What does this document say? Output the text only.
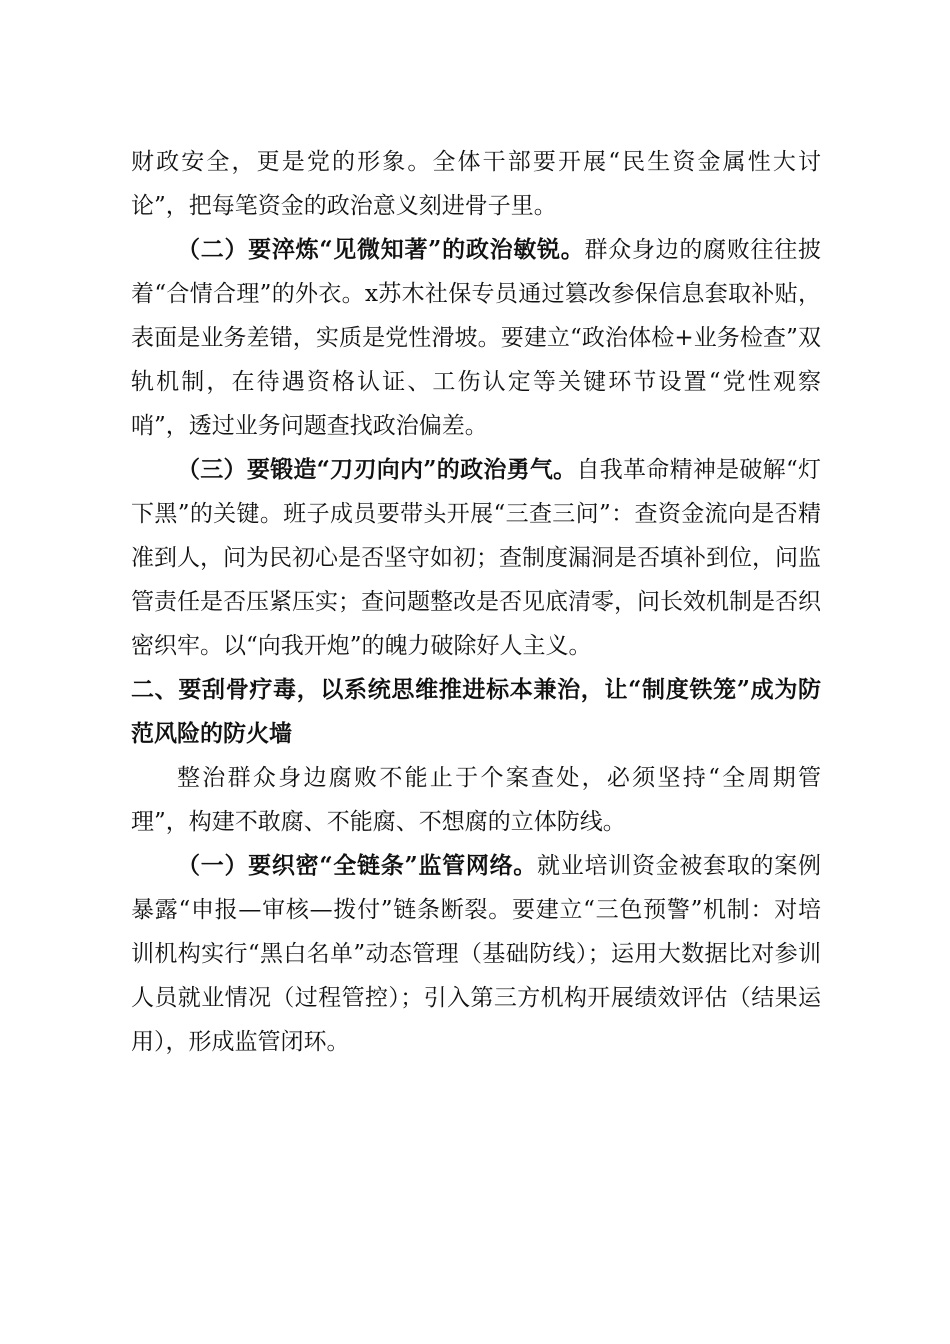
财政安全，更是党的形象。全体干部要开展“民生资金属性大讨论”，把每笔资金的政治意义刻进骨子里。

（二）要淬炼“见微知著”的政治敏锐。群众身边的腐败往往披着“合情合理”的外衣。x苏木社保专员通过篡改参保信息套取补贴，表面是业务差错，实质是党性滑坡。要建立“政治体检+业务检查”双轨机制，在待遇资格认证、工伤认定等关键环节设置“党性观察哨”，透过业务问题查找政治偏差。

（三）要锻造“刀刃向内”的政治勇气。自我革命精神是破解“灯下黑”的关键。班子成员要带头开展“三查三问”：查资金流向是否精准到人，问为民初心是否坚守如初；查制度漏洞是否填补到位，问监管责任是否压紧压实；查问题整改是否见底清零，问长效机制是否织密织牢。以“向我开炮”的魄力破除好人主义。

二、要刮骨疗毒，以系统思维推进标本兼治，让“制度铁笼”成为防范风险的防火墙

整治群众身边腐败不能止于个案查处，必须坚持“全周期管理”，构建不敢腐、不能腐、不想腐的立体防线。

（一）要织密“全链条”监管网络。就业培训资金被套取的案例暴露“申报—审核—拨付”链条断裂。要建立“三色预警”机制：对培训机构实行“黑白名单”动态管理（基础防线）；运用大数据比对参训人员就业情况（过程管控）；引入第三方机构开展绩效评估（结果运用），形成监管闭环。
